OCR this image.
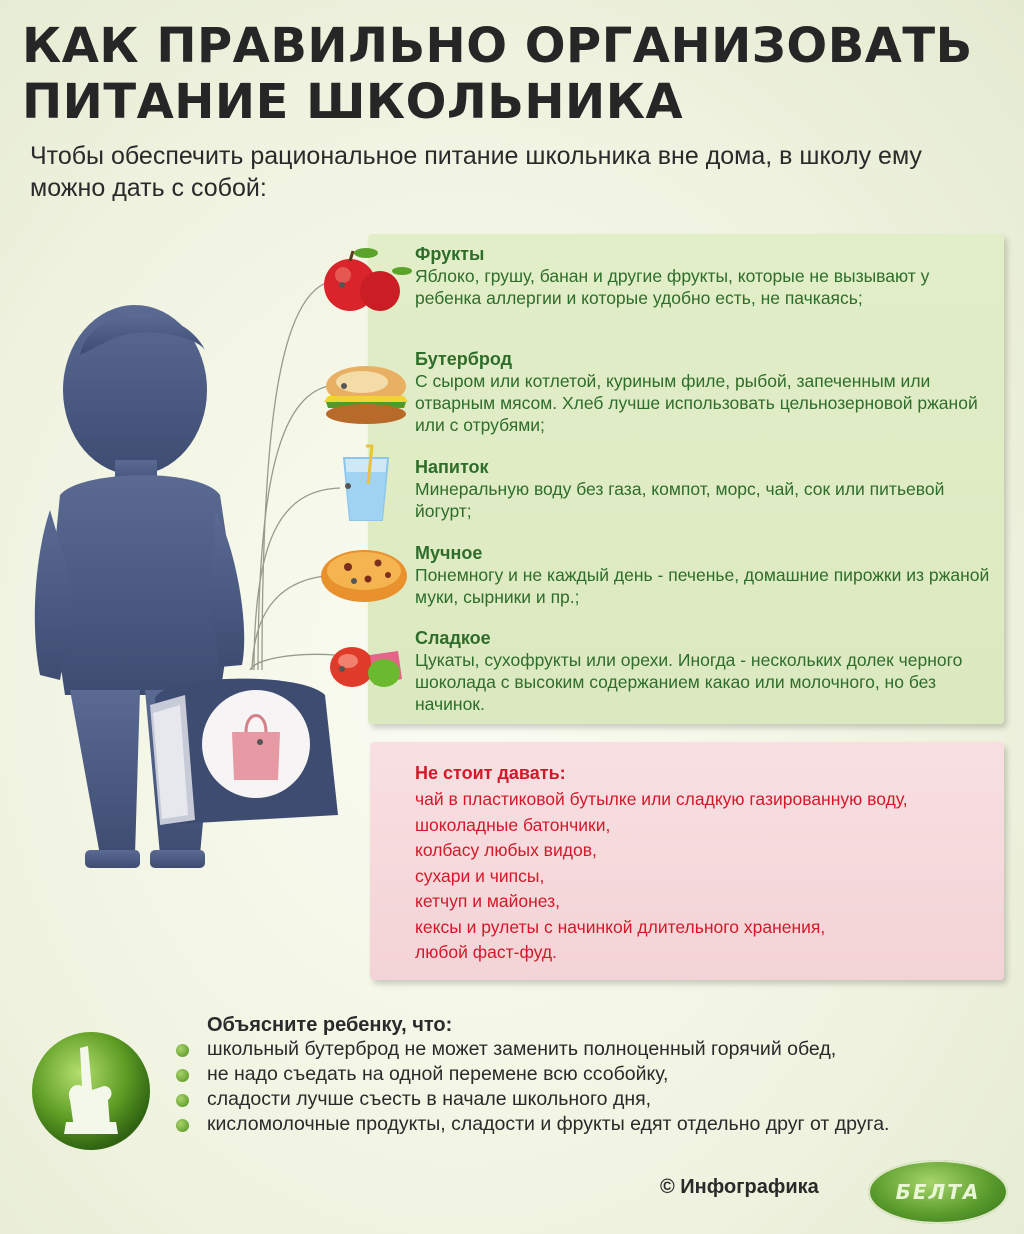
КАК ПРАВИЛЬНО ОРГАНИЗОВАТЬ
ПИТАНИЕ ШКОЛЬНИКА
Чтобы обеспечить рациональное питание школьника вне дома, в школу ему можно дать с собой:
Фрукты
Яблоко, грушу, банан и другие фрукты, которые не вызывают у ребенка аллергии и которые удобно есть, не пачкаясь;
Бутерброд
С сыром или котлетой, куриным филе, рыбой, запеченным или отварным мясом. Хлеб лучше использовать цельнозерновой ржаной или с отрубями;
Напиток
Минеральную воду без газа, компот, морс, чай, сок или питьевой йогурт;
Мучное
Понемногу и не каждый день - печенье, домашние пирожки из ржаной муки, сырники и пр.;
Сладкое
Цукаты, сухофрукты или орехи. Иногда - нескольких долек черного шоколада с высоким содержанием какао или молочного, но без начинок.
Не стоит давать:
чай в пластиковой бутылке или сладкую газированную воду,
шоколадные батончики,
колбасу любых видов,
сухари и чипсы,
кетчуп и майонез,
кексы и рулеты с начинкой длительного хранения,
любой фаст-фуд.
Объясните ребенку, что:
школьный бутерброд не может заменить полноценный горячий обед,
не надо съедать на одной перемене всю ссобойку,
сладости лучше съесть в начале школьного дня,
кисломолочные продукты, сладости и фрукты едят отдельно друг от друга.
© Инфографика	БЕЛТА
